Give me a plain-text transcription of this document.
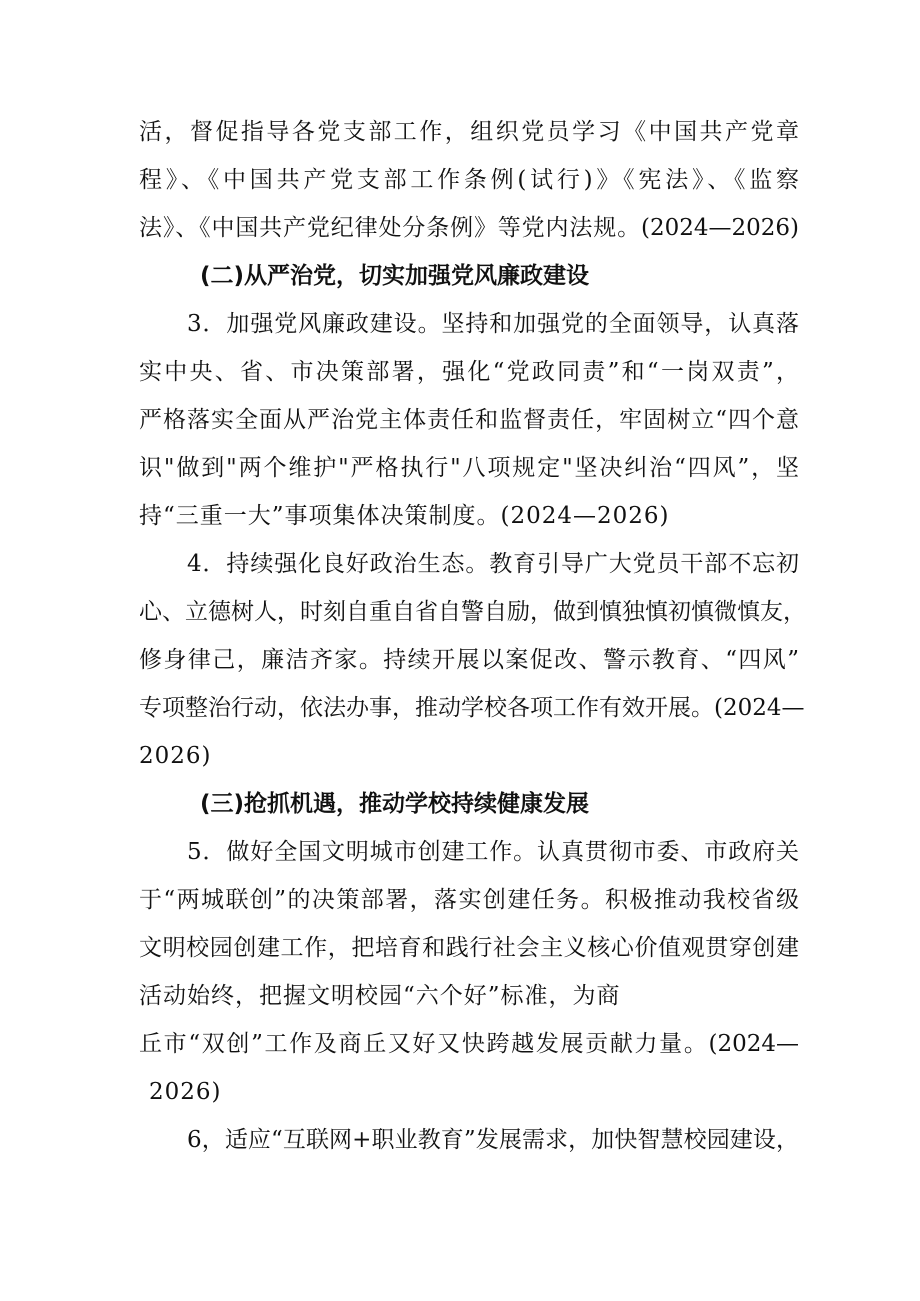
活，督促指导各党支部工作，组织党员学习《中国共产党章
程》、《中国共产党支部工作条例(试行)》《宪法》、《监察
法》、《中国共产党纪律处分条例》等党内法规。(2024—2026)
(二)从严治党，切实加强党风廉政建设
3．加强党风廉政建设。坚持和加强党的全面领导，认真落
实中央、省、市决策部署，强化“党政同责”和“一岗双责”，
严格落实全面从严治党主体责任和监督责任，牢固树立“四个意
识"做到"两个维护"严格执行"八项规定"坚决纠治“四风”，坚
持“三重一大”事项集体决策制度。(2024—2026)
4．持续强化良好政治生态。教育引导广大党员干部不忘初
心、立德树人，时刻自重自省自警自励，做到慎独慎初慎微慎友，
修身律己，廉洁齐家。持续开展以案促改、警示教育、“四风”
专项整治行动，依法办事，推动学校各项工作有效开展。(2024—
2026)
(三)抢抓机遇，推动学校持续健康发展
5．做好全国文明城市创建工作。认真贯彻市委、市政府关
于“两城联创”的决策部署，落实创建任务。积极推动我校省级
文明校园创建工作，把培育和践行社会主义核心价值观贯穿创建
活动始终，把握文明校园“六个好”标准，为商
丘市“双创”工作及商丘又好又快跨越发展贡献力量。(2024—
2026)
6，适应“互联网+职业教育”发展需求，加快智慧校园建设，
